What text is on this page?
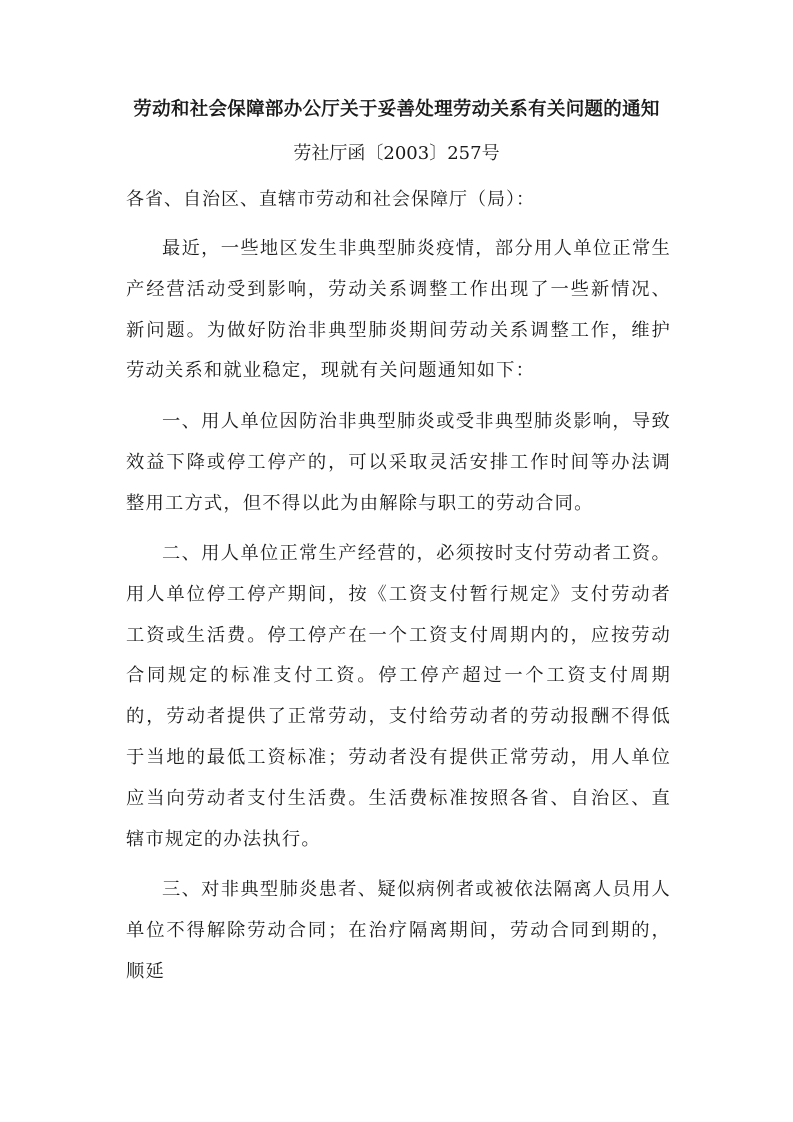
劳动和社会保障部办公厅关于妥善处理劳动关系有关问题的通知
劳社厅函〔2003〕257号
各省、自治区、直辖市劳动和社会保障厅（局）：

最近，一些地区发生非典型肺炎疫情，部分用人单位正常生产经营活动受到影响，劳动关系调整工作出现了一些新情况、新问题。为做好防治非典型肺炎期间劳动关系调整工作，维护劳动关系和就业稳定，现就有关问题通知如下：

一、用人单位因防治非典型肺炎或受非典型肺炎影响，导致效益下降或停工停产的，可以采取灵活安排工作时间等办法调整用工方式，但不得以此为由解除与职工的劳动合同。

二、用人单位正常生产经营的，必须按时支付劳动者工资。用人单位停工停产期间，按《工资支付暂行规定》支付劳动者工资或生活费。停工停产在一个工资支付周期内的，应按劳动合同规定的标准支付工资。停工停产超过一个工资支付周期的，劳动者提供了正常劳动，支付给劳动者的劳动报酬不得低于当地的最低工资标准；劳动者没有提供正常劳动，用人单位应当向劳动者支付生活费。生活费标准按照各省、自治区、直辖市规定的办法执行。

三、对非典型肺炎患者、疑似病例者或被依法隔离人员用人单位不得解除劳动合同；在治疗隔离期间，劳动合同到期的，顺延
